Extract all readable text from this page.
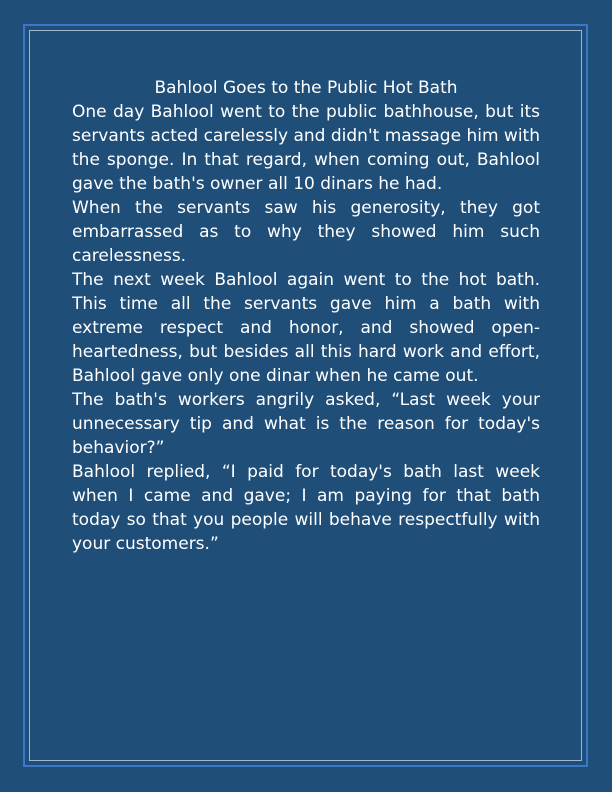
Bahlool Goes to the Public Hot Bath

One day Bahlool went to the public bathhouse, but its servants acted carelessly and didn't massage him with the sponge. In that regard, when coming out, Bahlool gave the bath's owner all 10 dinars he had.

When the servants saw his generosity, they got embarrassed as to why they showed him such carelessness.

The next week Bahlool again went to the hot bath. This time all the servants gave him a bath with extreme respect and honor, and showed open-heartedness, but besides all this hard work and effort, Bahlool gave only one dinar when he came out.

The bath's workers angrily asked, “Last week your unnecessary tip and what is the reason for today's behavior?”

Bahlool replied, “I paid for today's bath last week when I came and gave; I am paying for that bath today so that you people will behave respectfully with your customers.”
